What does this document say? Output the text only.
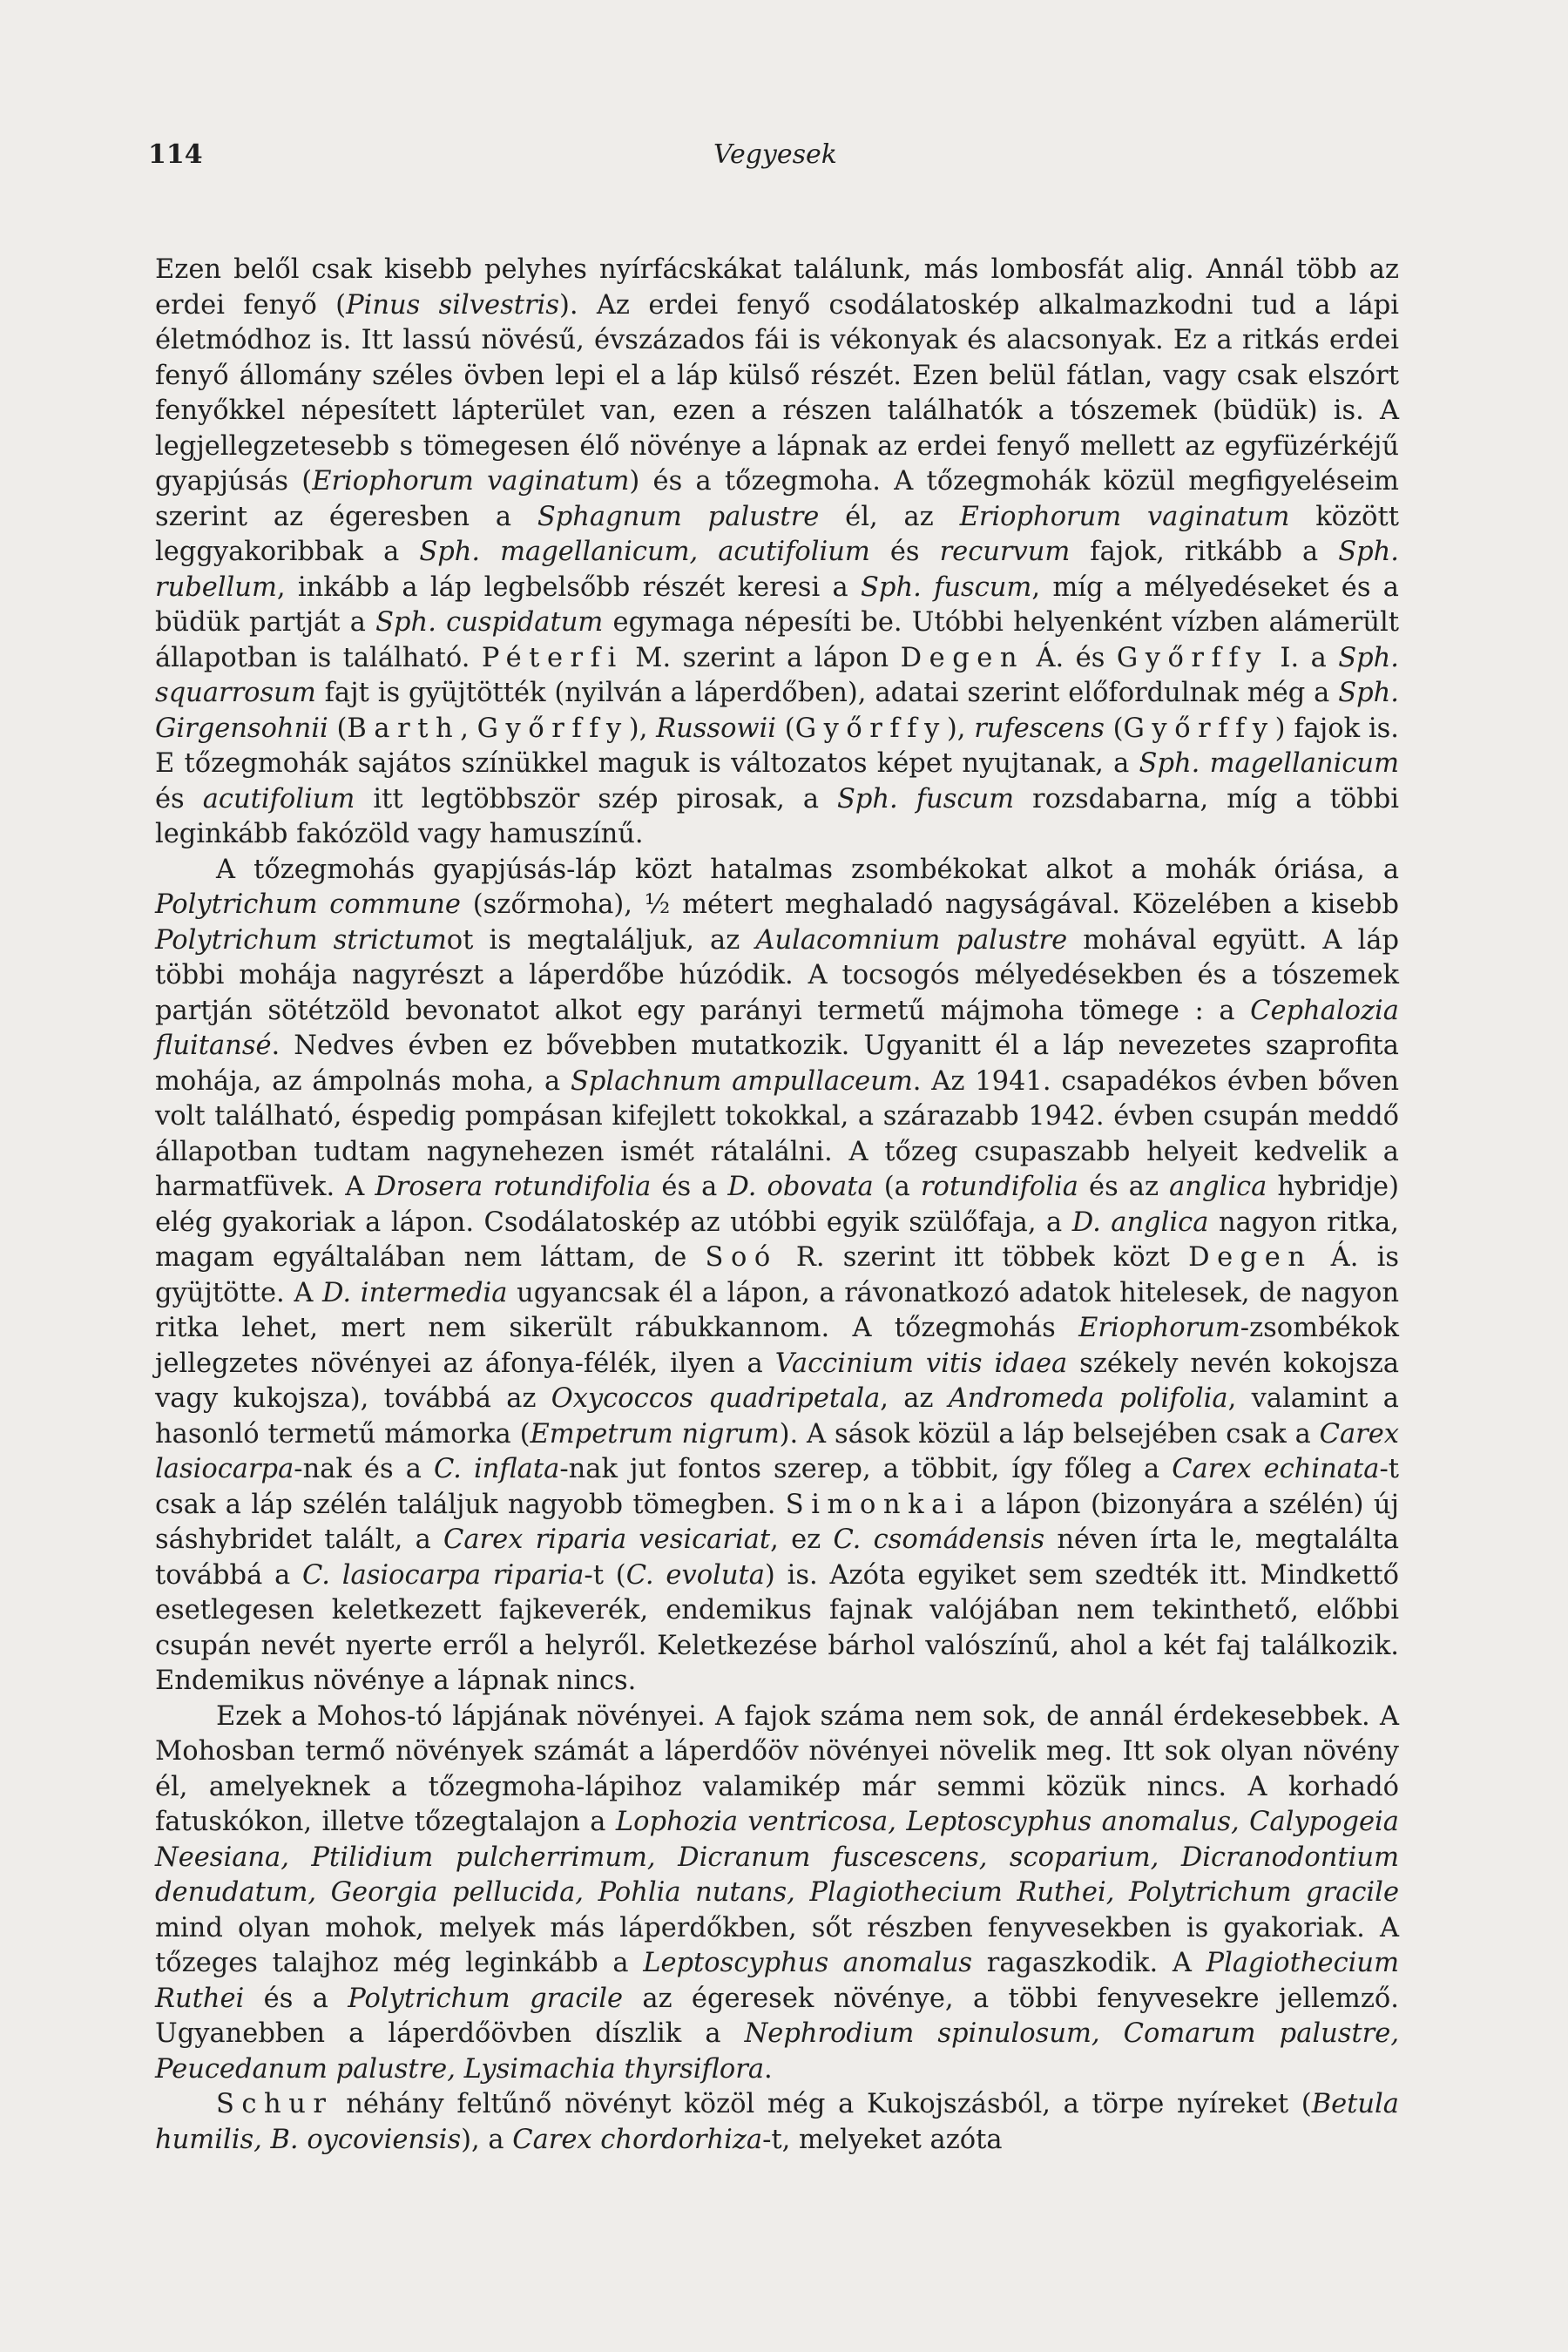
114	Vegyesek

Ezen belől csak kisebb pelyhes nyírfácskákat találunk, más lombosfát alig. Annál több az erdei fenyő (Pinus silvestris). Az erdei fenyő csodálatoskép alkalmazkodni tud a lápi életmódhoz is. Itt lassú növésű, évszázados fái is vékonyak és alacsonyak. Ez a ritkás erdei fenyő állomány széles övben lepi el a láp külső részét. Ezen belül fátlan, vagy csak elszórt fenyőkkel népesített lápterület van, ezen a részen találhatók a tószemek (büdük) is. A legjellegzetesebb s tömegesen élő növénye a lápnak az erdei fenyő mellett az egyfüzérkéjű gyapjúsás (Eriophorum vaginatum) és a tőzegmoha. A tőzegmohák közül megfigyeléseim szerint az égeresben a Sphagnum palustre él, az Eriophorum vaginatum között leggyakoribbak a Sph. magellanicum, acutifolium és recurvum fajok, ritkább a Sph. rubellum, inkább a láp legbelsőbb részét keresi a Sph. fuscum, míg a mélyedéseket és a büdük partját a Sph. cuspidatum egymaga népesíti be. Utóbbi helyenként vízben alámerült állapotban is található. Péterfi M. szerint a lápon Degen Á. és Győrffy I. a Sph. squarrosum fajt is gyüjtötték (nyilván a láperdőben), adatai szerint előfordulnak még a Sph. Girgensohnii (Barth, Győrffy), Russowii (Győrffy), rufescens (Győrffy) fajok is. E tőzegmohák sajátos színükkel maguk is változatos képet nyujtanak, a Sph. magellanicum és acutifolium itt legtöbbször szép pirosak, a Sph. fuscum rozsdabarna, míg a többi leginkább fakózöld vagy hamuszínű.

A tőzegmohás gyapjúsás-láp közt hatalmas zsombékokat alkot a mohák óriása, a Polytrichum commune (szőrmoha), ½ métert meghaladó nagyságával. Közelében a kisebb Polytrichum strictumot is megtaláljuk, az Aulacomnium palustre mohával együtt. A láp többi mohája nagyrészt a láperdőbe húzódik. A tocsogós mélyedésekben és a tószemek partján sötétzöld bevonatot alkot egy parányi termetű májmoha tömege : a Cephalozia fluitansé. Nedves évben ez bővebben mutatkozik. Ugyanitt él a láp nevezetes szaprofita mohája, az ámpolnás moha, a Splachnum ampullaceum. Az 1941. csapadékos évben bőven volt található, éspedig pompásan kifejlett tokokkal, a szárazabb 1942. évben csupán meddő állapotban tudtam nagynehezen ismét rátalálni. A tőzeg csupaszabb helyeit kedvelik a harmatfüvek. A Drosera rotundifolia és a D. obovata (a rotundifolia és az anglica hybridje) elég gyakoriak a lápon. Csodálatoskép az utóbbi egyik szülőfaja, a D. anglica nagyon ritka, magam egyáltalában nem láttam, de Soó R. szerint itt többek közt Degen Á. is gyüjtötte. A D. intermedia ugyancsak él a lápon, a rávonatkozó adatok hitelesek, de nagyon ritka lehet, mert nem sikerült rábukkannom. A tőzegmohás Eriophorum-zsombékok jellegzetes növényei az áfonya-félék, ilyen a Vaccinium vitis idaea székely nevén kokojsza vagy kukojsza), továbbá az Oxycoccos quadripetala, az Andromeda polifolia, valamint a hasonló termetű mámorka (Empetrum nigrum). A sások közül a láp belsejében csak a Carex lasiocarpa-nak és a C. inflata-nak jut fontos szerep, a többit, így főleg a Carex echinata-t csak a láp szélén találjuk nagyobb tömegben. Simonkai a lápon (bizonyára a szélén) új sáshybridet talált, a Carex riparia vesicariat, ez C. csomádensis néven írta le, megtalálta továbbá a C. lasiocarpa riparia-t (C. evoluta) is. Azóta egyiket sem szedték itt. Mindkettő esetlegesen keletkezett fajkeverék, endemikus fajnak valójában nem tekinthető, előbbi csupán nevét nyerte erről a helyről. Keletkezése bárhol valószínű, ahol a két faj találkozik. Endemikus növénye a lápnak nincs.

Ezek a Mohos-tó lápjának növényei. A fajok száma nem sok, de annál érdekesebbek. A Mohosban termő növények számát a láperdőöv növényei növelik meg. Itt sok olyan növény él, amelyeknek a tőzegmoha-lápihoz valamikép már semmi közük nincs. A korhadó fatuskókon, illetve tőzegtalajon a Lophozia ventricosa, Leptoscyphus anomalus, Calypogeia Neesiana, Ptilidium pulcherrimum, Dicranum fuscescens, scoparium, Dicranodontium denudatum, Georgia pellucida, Pohlia nutans, Plagiothecium Ruthei, Polytrichum gracile mind olyan mohok, melyek más láperdőkben, sőt részben fenyvesekben is gyakoriak. A tőzeges talajhoz még leginkább a Leptoscyphus anomalus ragaszkodik. A Plagiothecium Ruthei és a Polytrichum gracile az égeresek növénye, a többi fenyvesekre jellemző. Ugyanebben a láperdőövben díszlik a Nephrodium spinulosum, Comarum palustre, Peucedanum palustre, Lysimachia thyrsiflora.

Schur néhány feltűnő növényt közöl még a Kukojszásból, a törpe nyíreket (Betula humilis, B. oycoviensis), a Carex chordorhiza-t, melyeket azóta
